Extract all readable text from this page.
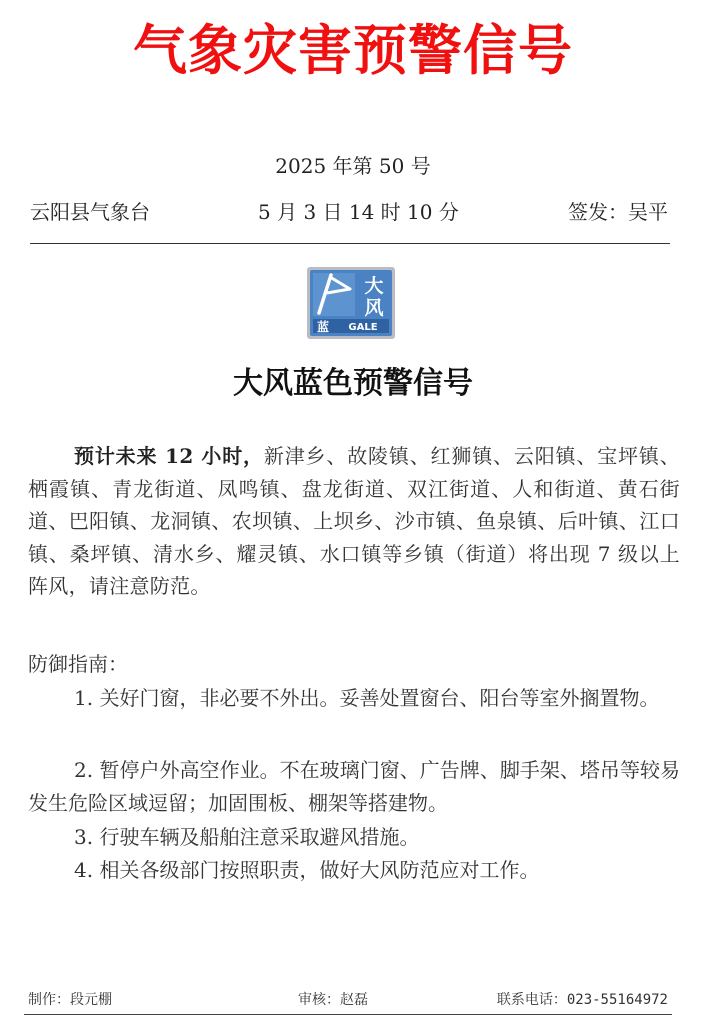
气象灾害预警信号
2025 年第 50 号
云阳县气象台	5 月 3 日 14 时 10 分	签发：吴平
GALE
蓝
大
风
大风蓝色预警信号
预计未来 12 小时，新津乡、故陵镇、红狮镇、云阳镇、宝坪镇、栖霞镇、青龙街道、凤鸣镇、盘龙街道、双江街道、人和街道、黄石街道、巴阳镇、龙洞镇、农坝镇、上坝乡、沙市镇、鱼泉镇、后叶镇、江口镇、桑坪镇、清水乡、耀灵镇、水口镇等乡镇（街道）将出现 7 级以上阵风，请注意防范。
防御指南：
1. 关好门窗，非必要不外出。妥善处置窗台、阳台等室外搁置物。
2. 暂停户外高空作业。不在玻璃门窗、广告牌、脚手架、塔吊等较易发生危险区域逗留；加固围板、棚架等搭建物。
3. 行驶车辆及船舶注意采取避风措施。
4. 相关各级部门按照职责，做好大风防范应对工作。
制作：段元棚	审核：赵磊	联系电话：023-55164972
